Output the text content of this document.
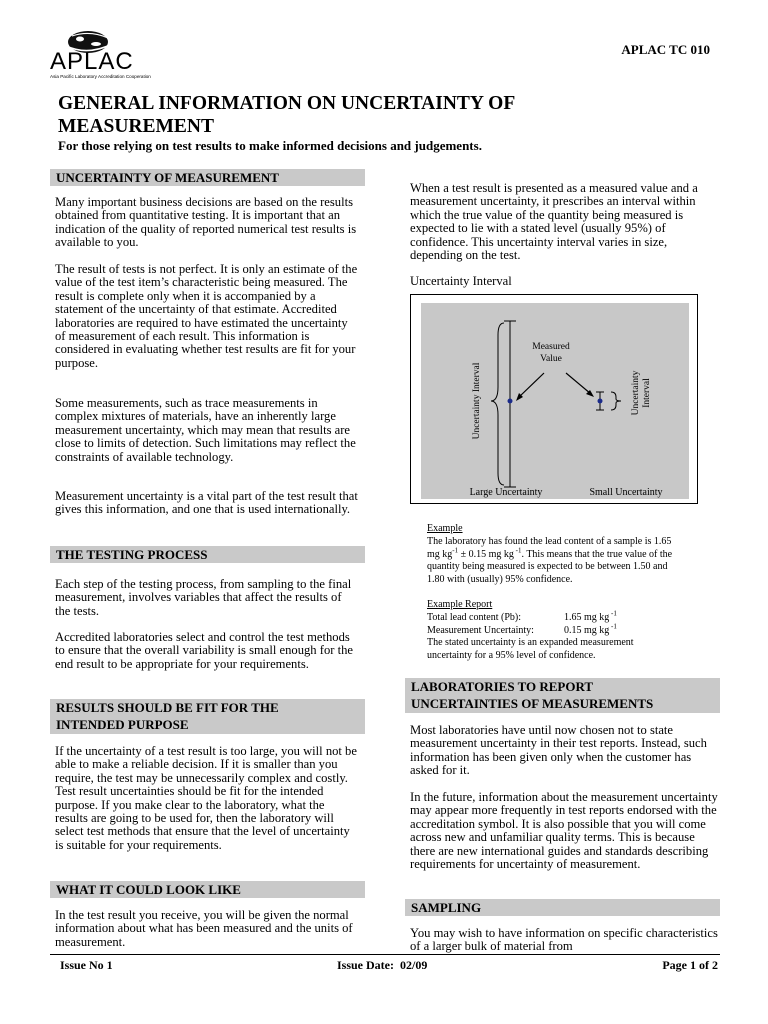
APLAC
Asia Pacific Laboratory Accreditation Cooperation
APLAC TC 010
GENERAL INFORMATION ON UNCERTAINTY OF
MEASUREMENT
For those relying on test results to make informed decisions and judgements.
UNCERTAINTY OF MEASUREMENT

Many important business decisions are based on the results obtained from quantitative testing. It is important that an indication of the quality of reported numerical test results is available to you.

The result of tests is not perfect. It is only an estimate of the value of the test item’s characteristic being measured. The result is complete only when it is accompanied by a statement of the uncertainty of that estimate. Accredited laboratories are required to have estimated the uncertainty of measurement of each result. This information is considered in evaluating whether test results are fit for your purpose.

Some measurements, such as trace measurements in complex mixtures of materials, have an inherently large measurement uncertainty, which may mean that results are close to limits of detection. Such limitations may reflect the constraints of available technology.

Measurement uncertainty is a vital part of the test result that gives this information, and one that is used internationally.

THE TESTING PROCESS

Each step of the testing process, from sampling to the final measurement, involves variables that affect the results of the tests.

Accredited laboratories select and control the test methods to ensure that the overall variability is small enough for the end result to be appropriate for your requirements.

RESULTS SHOULD BE FIT FOR THE
INTENDED PURPOSE

If the uncertainty of a test result is too large, you will not be able to make a reliable decision. If it is smaller than you require, the test may be unnecessarily complex and costly. Test result uncertainties should be fit for the intended purpose. If you make clear to the laboratory, what the results are going to be used for, then the laboratory will select test methods that ensure that the level of uncertainty is suitable for your requirements.

WHAT IT COULD LOOK LIKE

In the test result you receive, you will be given the normal information about what has been measured and the units of measurement.

When a test result is presented as a measured value and a measurement uncertainty, it prescribes an interval within which the true value of the quantity being measured is expected to lie with a stated level (usually 95%) of confidence. This uncertainty interval varies in size, depending on the test.

Uncertainty Interval
Measured
Value
Uncertainty Interval	Uncertainty Interval
Large Uncertainty	Small Uncertainty
Example
The laboratory has found the lead content of a sample is 1.65
mg $kg^{-1} \pm 0.15$ mg kg $^{-1}$. This means that the true value of the
quantity being measured is expected to be between 1.50 and
1.80 with (usually) 95% confidence.
Example Report
Total lead content (Pb):	1.65 mg kg $^{-1}$
Measurement Uncertainty:	0.15 mg kg $^{-1}$
The stated uncertainty is an expanded measurement
uncertainty for a 95% level of confidence.
LABORATORIES TO REPORT
UNCERTAINTIES OF MEASUREMENTS

Most laboratories have until now chosen not to state measurement uncertainty in their test reports. Instead, such information has been given only when the customer has asked for it.

In the future, information about the measurement uncertainty may appear more frequently in test reports endorsed with the accreditation symbol. It is also possible that you will come across new and unfamiliar quality terms. This is because there are new international guides and standards describing requirements for uncertainty of measurement.

SAMPLING

You may wish to have information on specific characteristics of a larger bulk of material from

Issue No 1	Issue Date:  02/09	Page 1 of 2
